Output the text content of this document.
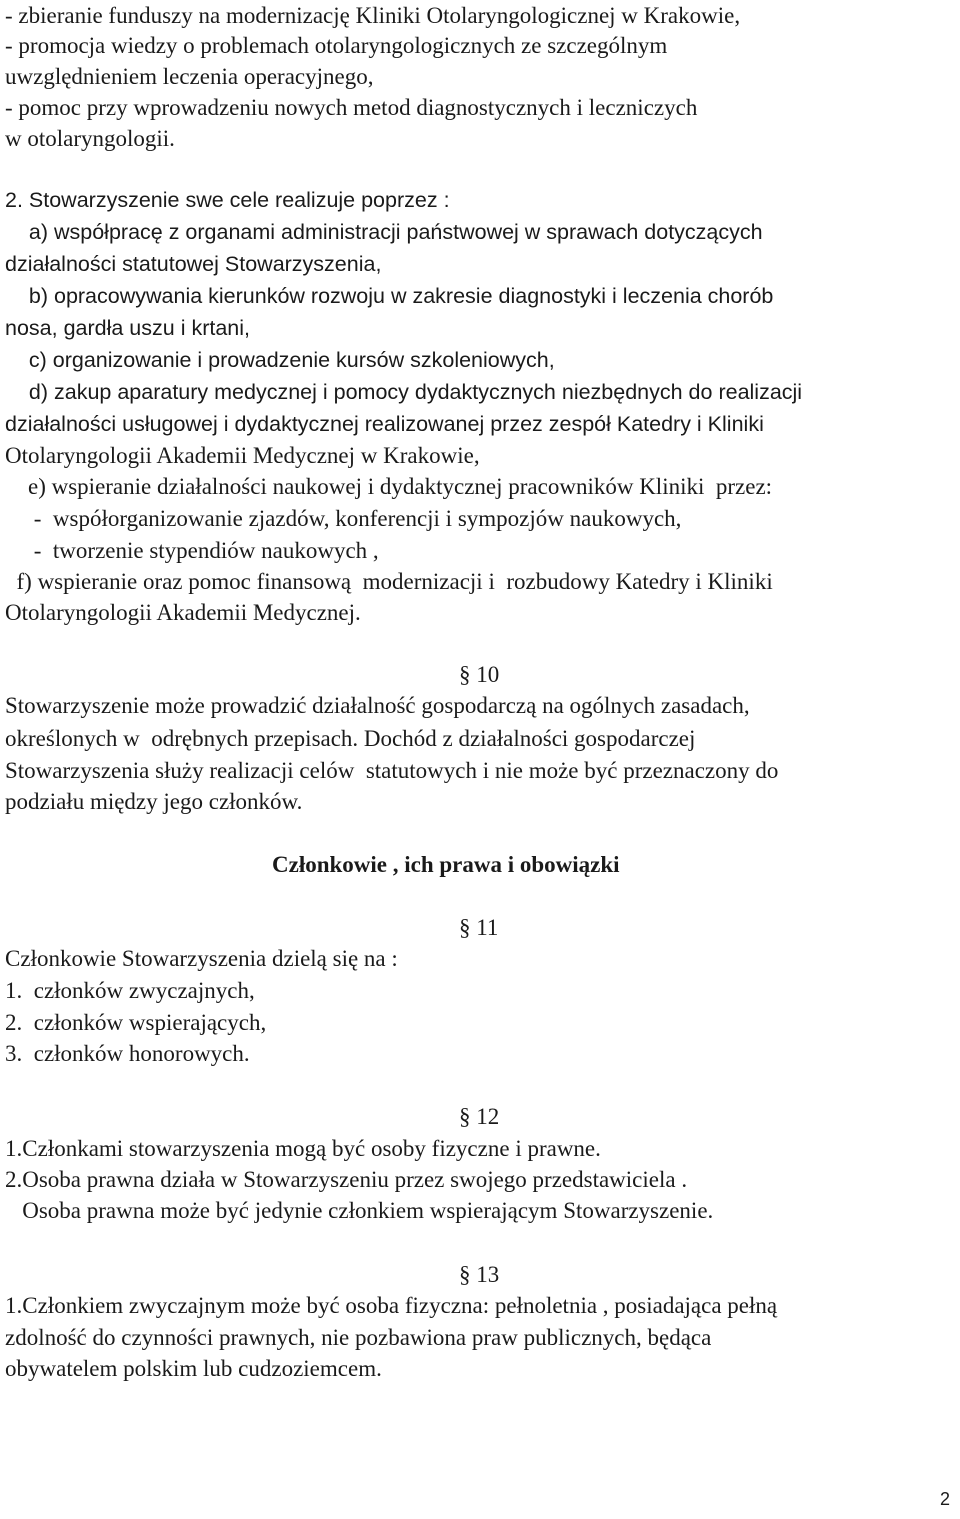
- zbieranie funduszy na modernizację Kliniki Otolaryngologicznej w Krakowie,
- promocja wiedzy o problemach otolaryngologicznych ze szczególnym
uwzględnieniem leczenia operacyjnego,
- pomoc przy wprowadzeniu nowych metod diagnostycznych i leczniczych
w otolaryngologii.
2. Stowarzyszenie swe cele realizuje poprzez :
a) współpracę z organami administracji państwowej w sprawach dotyczących
działalności statutowej Stowarzyszenia,
b) opracowywania kierunków rozwoju w zakresie diagnostyki i leczenia chorób
nosa, gardła uszu i krtani,
c) organizowanie i prowadzenie kursów szkoleniowych,
d) zakup aparatury medycznej i pomocy dydaktycznych niezbędnych do realizacji
działalności usługowej i dydaktycznej realizowanej przez zespół Katedry i Kliniki
Otolaryngologii Akademii Medycznej w Krakowie,
e) wspieranie działalności naukowej i dydaktycznej pracowników Kliniki  przez:
-  współorganizowanie zjazdów, konferencji i sympozjów naukowych,
-  tworzenie stypendiów naukowych ,
f) wspieranie oraz pomoc finansową  modernizacji i  rozbudowy Katedry i Kliniki
Otolaryngologii Akademii Medycznej.
§ 10
Stowarzyszenie może prowadzić działalność gospodarczą na ogólnych zasadach,
określonych w  odrębnych przepisach. Dochód z działalności gospodarczej
Stowarzyszenia służy realizacji celów  statutowych i nie może być przeznaczony do
podziału między jego członków.
Członkowie , ich prawa i obowiązki
§ 11
Członkowie Stowarzyszenia dzielą się na :
1.  członków zwyczajnych,
2.  członków wspierających,
3.  członków honorowych.
§ 12
1.Członkami stowarzyszenia mogą być osoby fizyczne i prawne.
2.Osoba prawna działa w Stowarzyszeniu przez swojego przedstawiciela .
Osoba prawna może być jedynie członkiem wspierającym Stowarzyszenie.
§ 13
1.Członkiem zwyczajnym może być osoba fizyczna: pełnoletnia , posiadająca pełną
zdolność do czynności prawnych, nie pozbawiona praw publicznych, będąca
obywatelem polskim lub cudzoziemcem.
2
